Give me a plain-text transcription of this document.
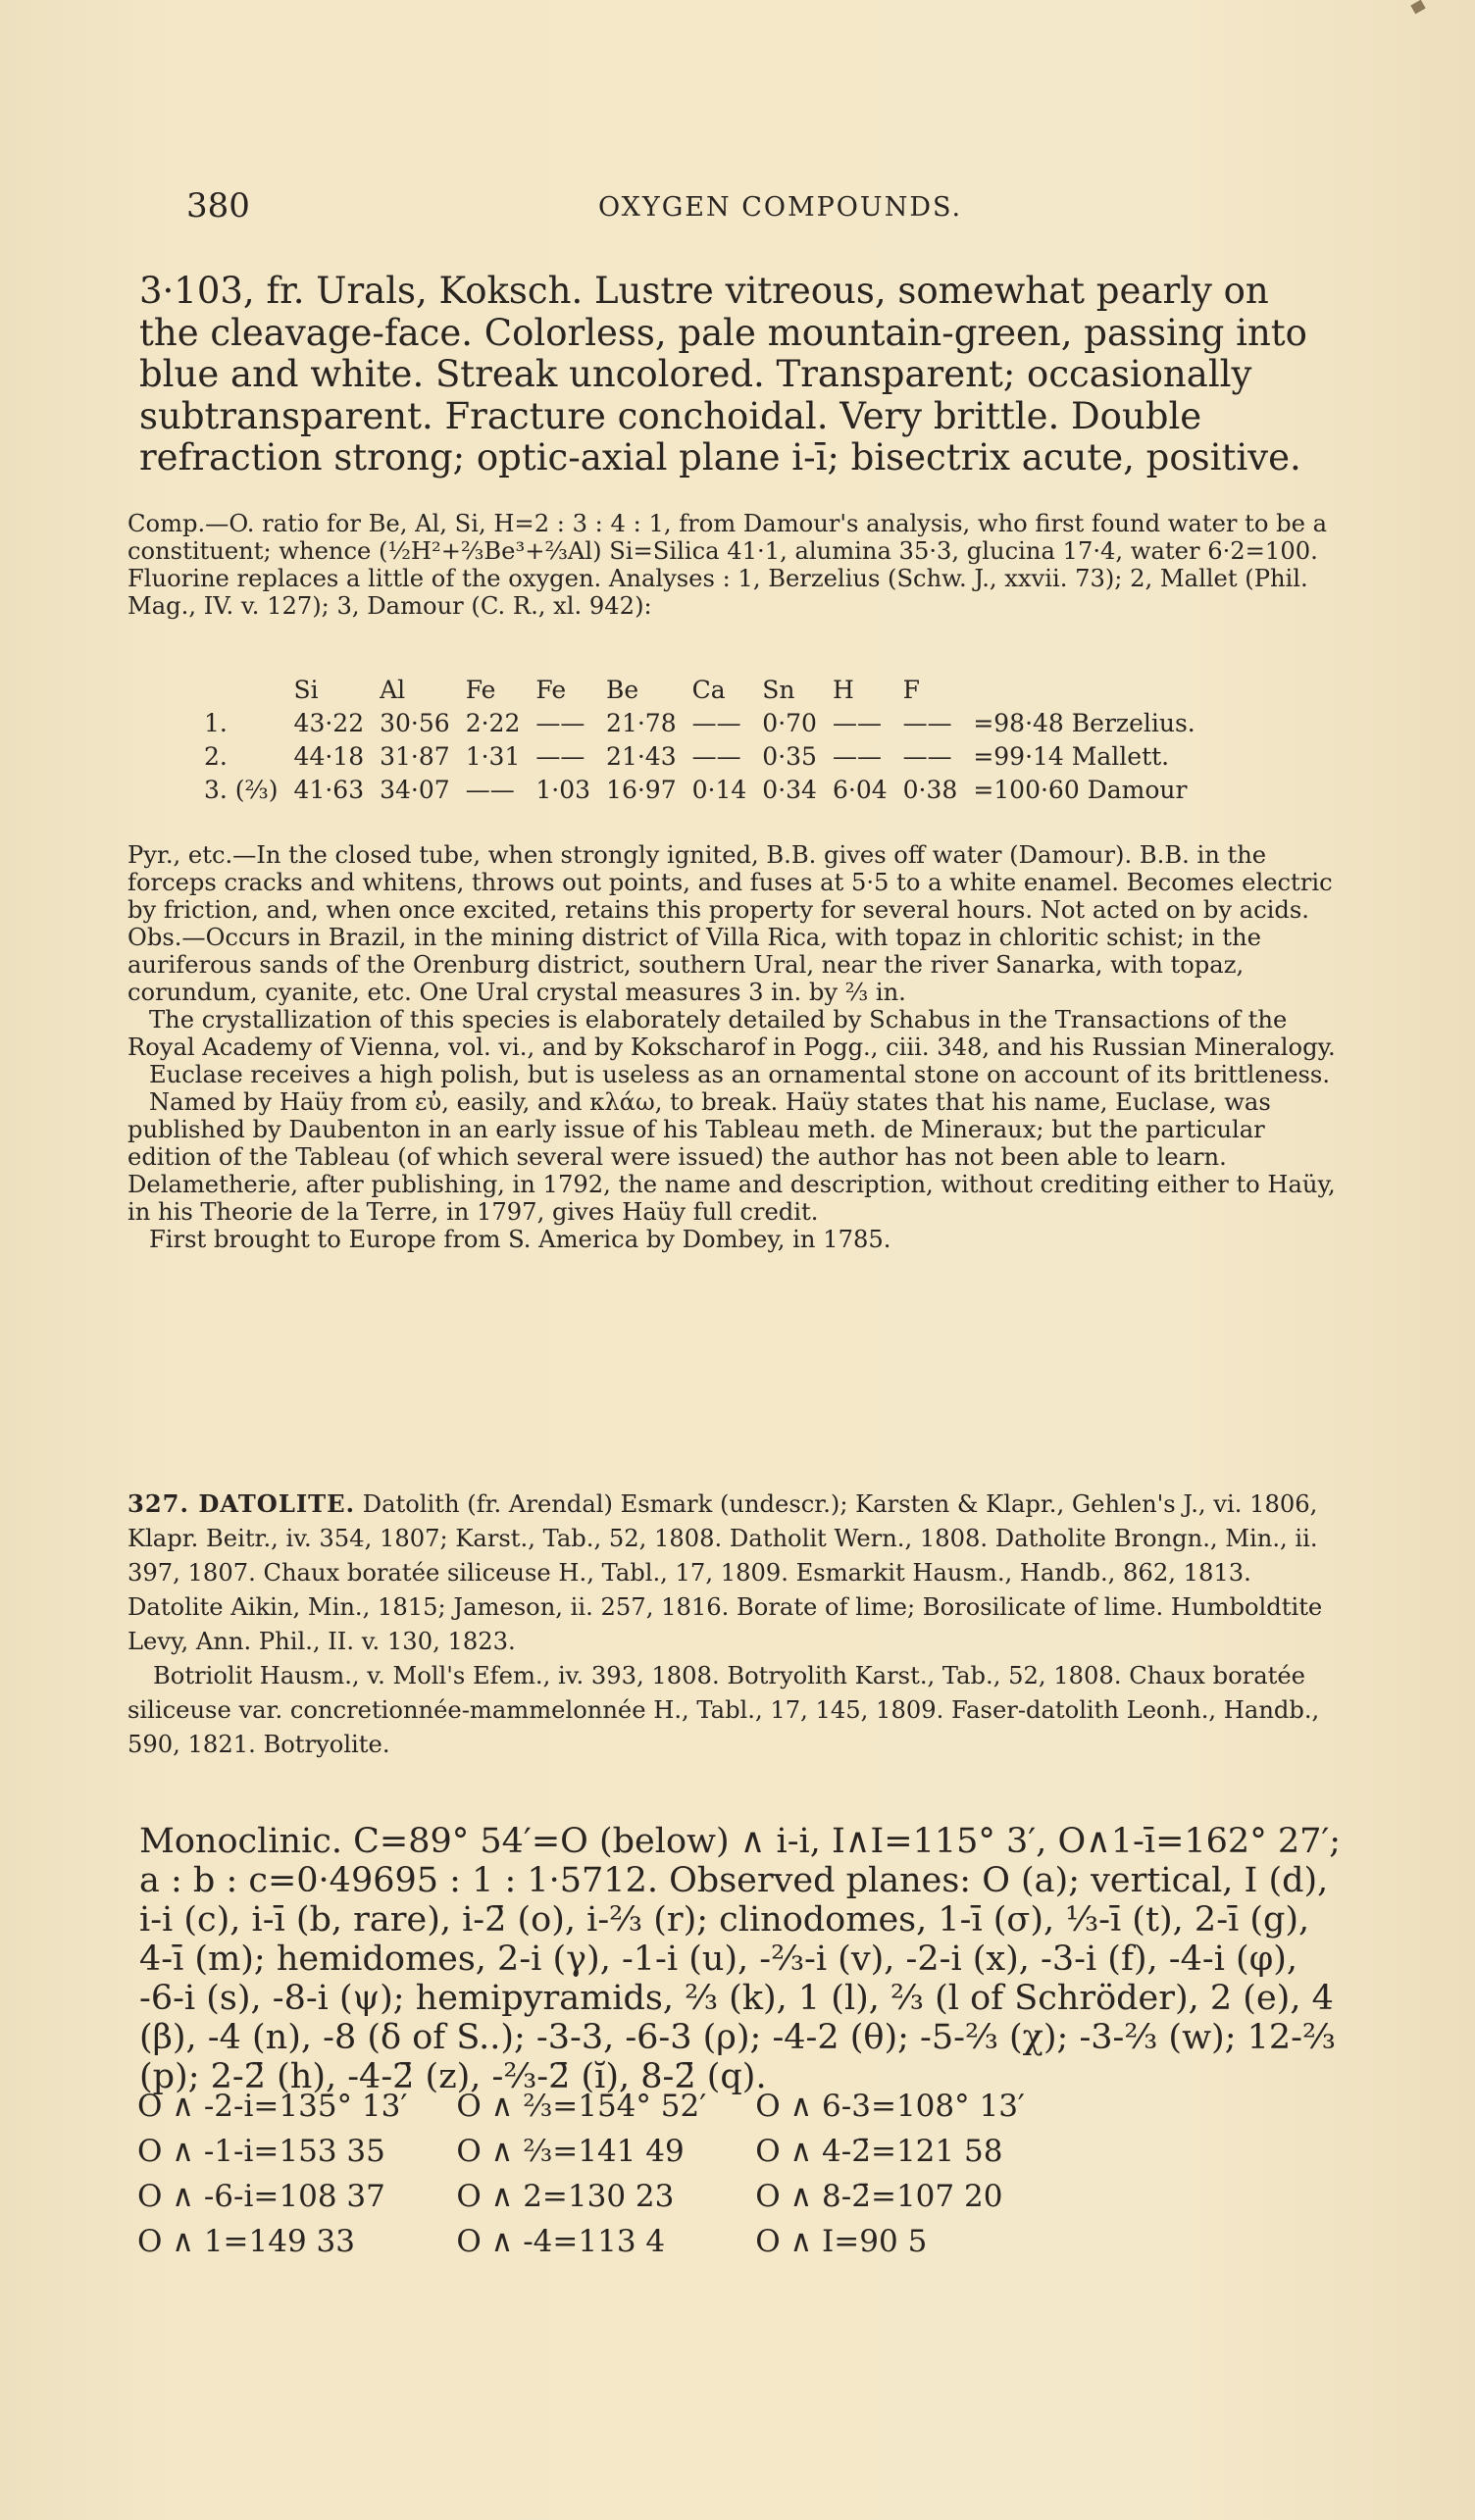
380	OXYGEN COMPOUNDS.

3·103, fr. Urals, Koksch. Lustre vitreous, somewhat pearly on the cleavage-face. Colorless, pale mountain-green, passing into blue and white. Streak uncolored. Transparent; occasionally subtransparent. Fracture conchoidal. Very brittle. Double refraction strong; optic-axial plane i-ī; bisectrix acute, positive.

Comp.—O. ratio for Be, Al, Si, H=2 : 3 : 4 : 1, from Damour's analysis, who first found water to be a constituent; whence (½H²+⅔Be³+⅔Al) Si=Silica 41·1, alumina 35·3, glucina 17·4, water 6·2=100. Fluorine replaces a little of the oxygen. Analyses : 1, Berzelius (Schw. J., xxvii. 73); 2, Mallet (Phil. Mag., IV. v. 127); 3, Damour (C. R., xl. 942):

	Si	Al	Fe	Fe	Be	Ca	Sn	H	F	
1.	43·22	30·56	2·22	——	21·78	——	0·70	——	——	=98·48 Berzelius.
2.	44·18	31·87	1·31	——	21·43	——	0·35	——	——	=99·14 Mallett.
3. (⅔)	41·63	34·07	——	1·03	16·97	0·14	0·34	6·04	0·38	=100·60 Damour

Pyr., etc.—In the closed tube, when strongly ignited, B.B. gives off water (Damour). B.B. in the forceps cracks and whitens, throws out points, and fuses at 5·5 to a white enamel. Becomes electric by friction, and, when once excited, retains this property for several hours. Not acted on by acids.

Obs.—Occurs in Brazil, in the mining district of Villa Rica, with topaz in chloritic schist; in the auriferous sands of the Orenburg district, southern Ural, near the river Sanarka, with topaz, corundum, cyanite, etc. One Ural crystal measures 3 in. by ⅔ in.

The crystallization of this species is elaborately detailed by Schabus in the Transactions of the Royal Academy of Vienna, vol. vi., and by Kokscharof in Pogg., ciii. 348, and his Russian Mineralogy.

Euclase receives a high polish, but is useless as an ornamental stone on account of its brittleness.

Named by Haüy from εὐ, easily, and κλάω, to break. Haüy states that his name, Euclase, was published by Daubenton in an early issue of his Tableau meth. de Mineraux; but the particular edition of the Tableau (of which several were issued) the author has not been able to learn. Delametherie, after publishing, in 1792, the name and description, without crediting either to Haüy, in his Theorie de la Terre, in 1797, gives Haüy full credit.

First brought to Europe from S. America by Dombey, in 1785.

327. DATOLITE. Datolith (fr. Arendal) Esmark (undescr.); Karsten & Klapr., Gehlen's J., vi. 1806, Klapr. Beitr., iv. 354, 1807; Karst., Tab., 52, 1808. Datholit Wern., 1808. Datholite Brongn., Min., ii. 397, 1807. Chaux boratée siliceuse H., Tabl., 17, 1809. Esmarkit Hausm., Handb., 862, 1813. Datolite Aikin, Min., 1815; Jameson, ii. 257, 1816. Borate of lime; Borosilicate of lime. Humboldtite Levy, Ann. Phil., II. v. 130, 1823.

Botriolit Hausm., v. Moll's Efem., iv. 393, 1808. Botryolith Karst., Tab., 52, 1808. Chaux boratée siliceuse var. concretionnée-mammelonnée H., Tabl., 17, 145, 1809. Faser-datolith Leonh., Handb., 590, 1821. Botryolite.

Monoclinic. C=89° 54′=O (below) ∧ i-i, I∧I=115° 3′, O∧1-ī=162° 27′; a : b : c=0·49695 : 1 : 1·5712. Observed planes: O (a); vertical, I (d), i-i (c), i-ī (b, rare), i-2̄ (o), i-⅔ (r); clinodomes, 1-ī (σ), ⅓-ī (t), 2-ī (g), 4-ī (m); hemidomes, 2-i (γ), -1-i (u), -⅔-i (v), -2-i (x), -3-i (f), -4-i (φ), -6-i (s), -8-i (ψ); hemipyramids, ⅔ (k), 1 (l), ⅔ (l of Schröder), 2 (e), 4 (β), -4 (n), -8 (δ of S..); -3-3, -6-3 (ρ); -4-2 (θ); -5-⅔ (χ); -3-⅔ (w); 12-⅔ (p); 2-2̄ (h), -4-2̄ (z), -⅔-2̄ (ĭ), 8-2̄ (q).

O ∧ -2-i=135° 13′	O ∧ ⅔=154° 52′	O ∧ 6-3=108° 13′
O ∧ -1-i=153 35	O ∧ ⅔=141 49	O ∧ 4-2̄=121 58
O ∧ -6-i=108 37	O ∧ 2=130 23	O ∧ 8-2̄=107 20
O ∧ 1=149 33	O ∧ -4=113 4	O ∧ I=90 5
